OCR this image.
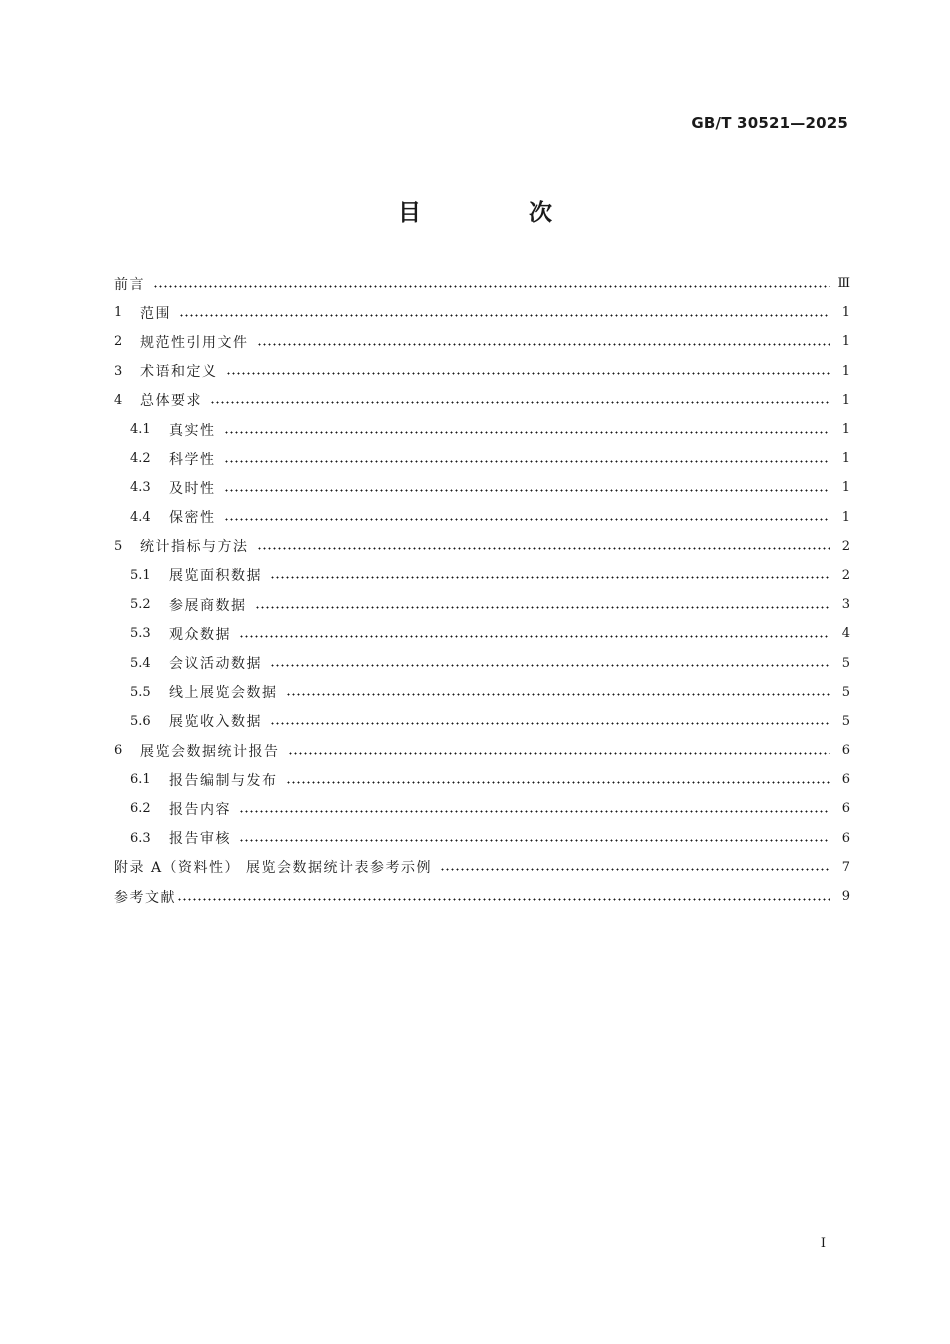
GB/T 30521—2025
目 次
前言	Ⅲ
1	范围	1
2	规范性引用文件	1
3	术语和定义	1
4	总体要求	1
4.1	真实性	1
4.2	科学性	1
4.3	及时性	1
4.4	保密性	1
5	统计指标与方法	2
5.1	展览面积数据	2
5.2	参展商数据	3
5.3	观众数据	4
5.4	会议活动数据	5
5.5	线上展览会数据	5
5.6	展览收入数据	5
6	展览会数据统计报告	6
6.1	报告编制与发布	6
6.2	报告内容	6
6.3	报告审核	6
附录 A（资料性） 展览会数据统计表参考示例	7
参考文献	9
Ⅰ
